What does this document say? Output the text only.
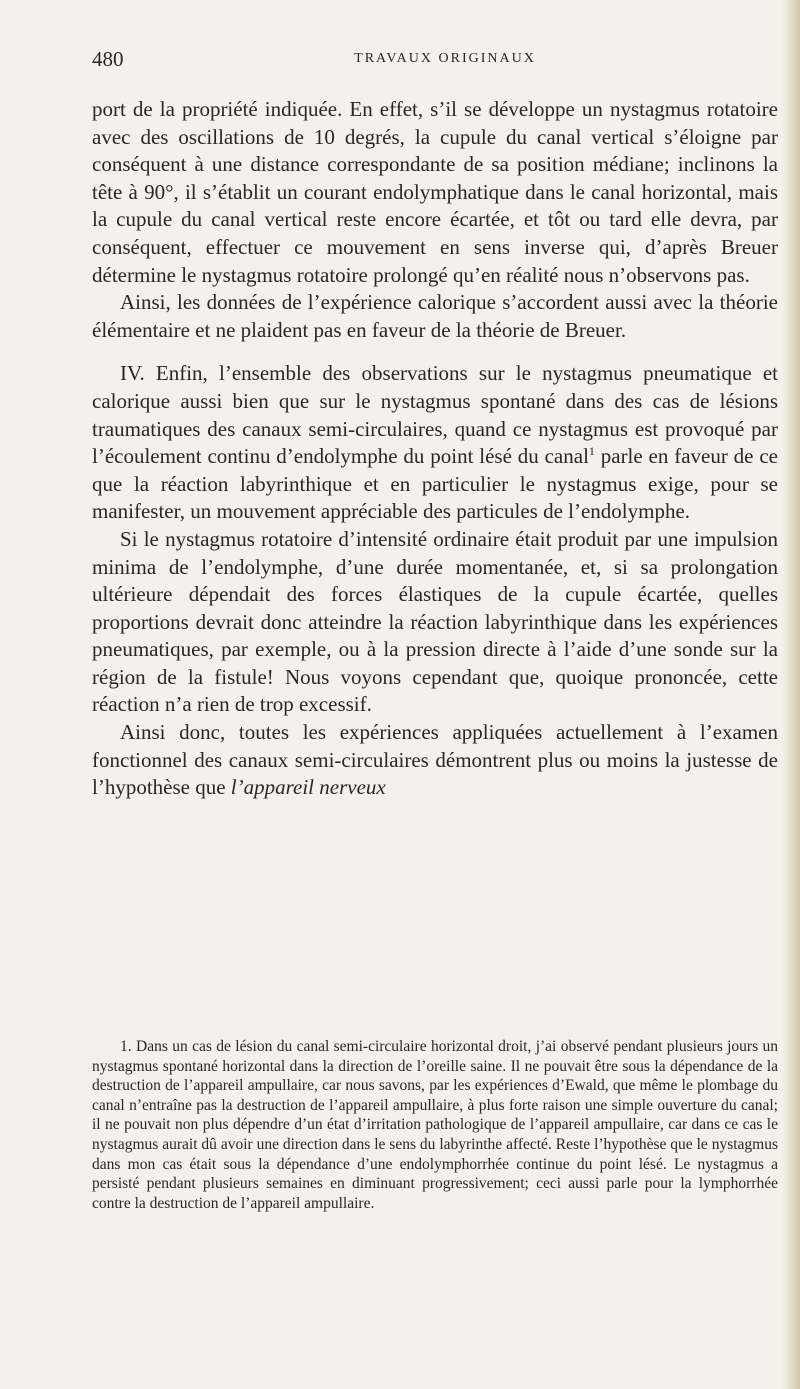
480	TRAVAUX ORIGINAUX

port de la propriété indiquée. En effet, s’il se développe un nystagmus rotatoire avec des oscillations de 10 degrés, la cupule du canal vertical s’éloigne par conséquent à une distance correspondante de sa position médiane; inclinons la tête à 90°, il s’établit un courant endolymphatique dans le canal horizontal, mais la cupule du canal vertical reste encore écartée, et tôt ou tard elle devra, par conséquent, effectuer ce mouvement en sens inverse qui, d’après Breuer détermine le nystagmus rotatoire prolongé qu’en réalité nous n’observons pas.

Ainsi, les données de l’expérience calorique s’accordent aussi avec la théorie élémentaire et ne plaident pas en faveur de la théorie de Breuer.

IV. Enfin, l’ensemble des observations sur le nystagmus pneumatique et calorique aussi bien que sur le nystagmus spontané dans des cas de lésions traumatiques des canaux semi-circulaires, quand ce nystagmus est provoqué par l’écoulement continu d’endolymphe du point lésé du canal$^1$ parle en faveur de ce que la réaction labyrinthique et en particulier le nystagmus exige, pour se manifester, un mouvement appréciable des particules de l’endolymphe.

Si le nystagmus rotatoire d’intensité ordinaire était produit par une impulsion minima de l’endolymphe, d’une durée momentanée, et, si sa prolongation ultérieure dépendait des forces élastiques de la cupule écartée, quelles proportions devrait donc atteindre la réaction labyrinthique dans les expériences pneumatiques, par exemple, ou à la pression directe à l’aide d’une sonde sur la région de la fistule! Nous voyons cependant que, quoique prononcée, cette réaction n’a rien de trop excessif.

Ainsi donc, toutes les expériences appliquées actuellement à l’examen fonctionnel des canaux semi-circulaires démontrent plus ou moins la justesse de l’hypothèse que l’appareil nerveux

1. Dans un cas de lésion du canal semi-circulaire horizontal droit, j’ai observé pendant plusieurs jours un nystagmus spontané horizontal dans la direction de l’oreille saine. Il ne pouvait être sous la dépendance de la destruction de l’appareil ampullaire, car nous savons, par les expériences d’Ewald, que même le plombage du canal n’entraîne pas la destruction de l’appareil ampullaire, à plus forte raison une simple ouverture du canal; il ne pouvait non plus dépendre d’un état d’irritation pathologique de l’appareil ampullaire, car dans ce cas le nystagmus aurait dû avoir une direction dans le sens du labyrinthe affecté. Reste l’hypothèse que le nystagmus dans mon cas était sous la dépendance d’une endolymphorrhée continue du point lésé. Le nystagmus a persisté pendant plusieurs semaines en diminuant progressivement; ceci aussi parle pour la lymphorrhée contre la destruction de l’appareil ampullaire.
